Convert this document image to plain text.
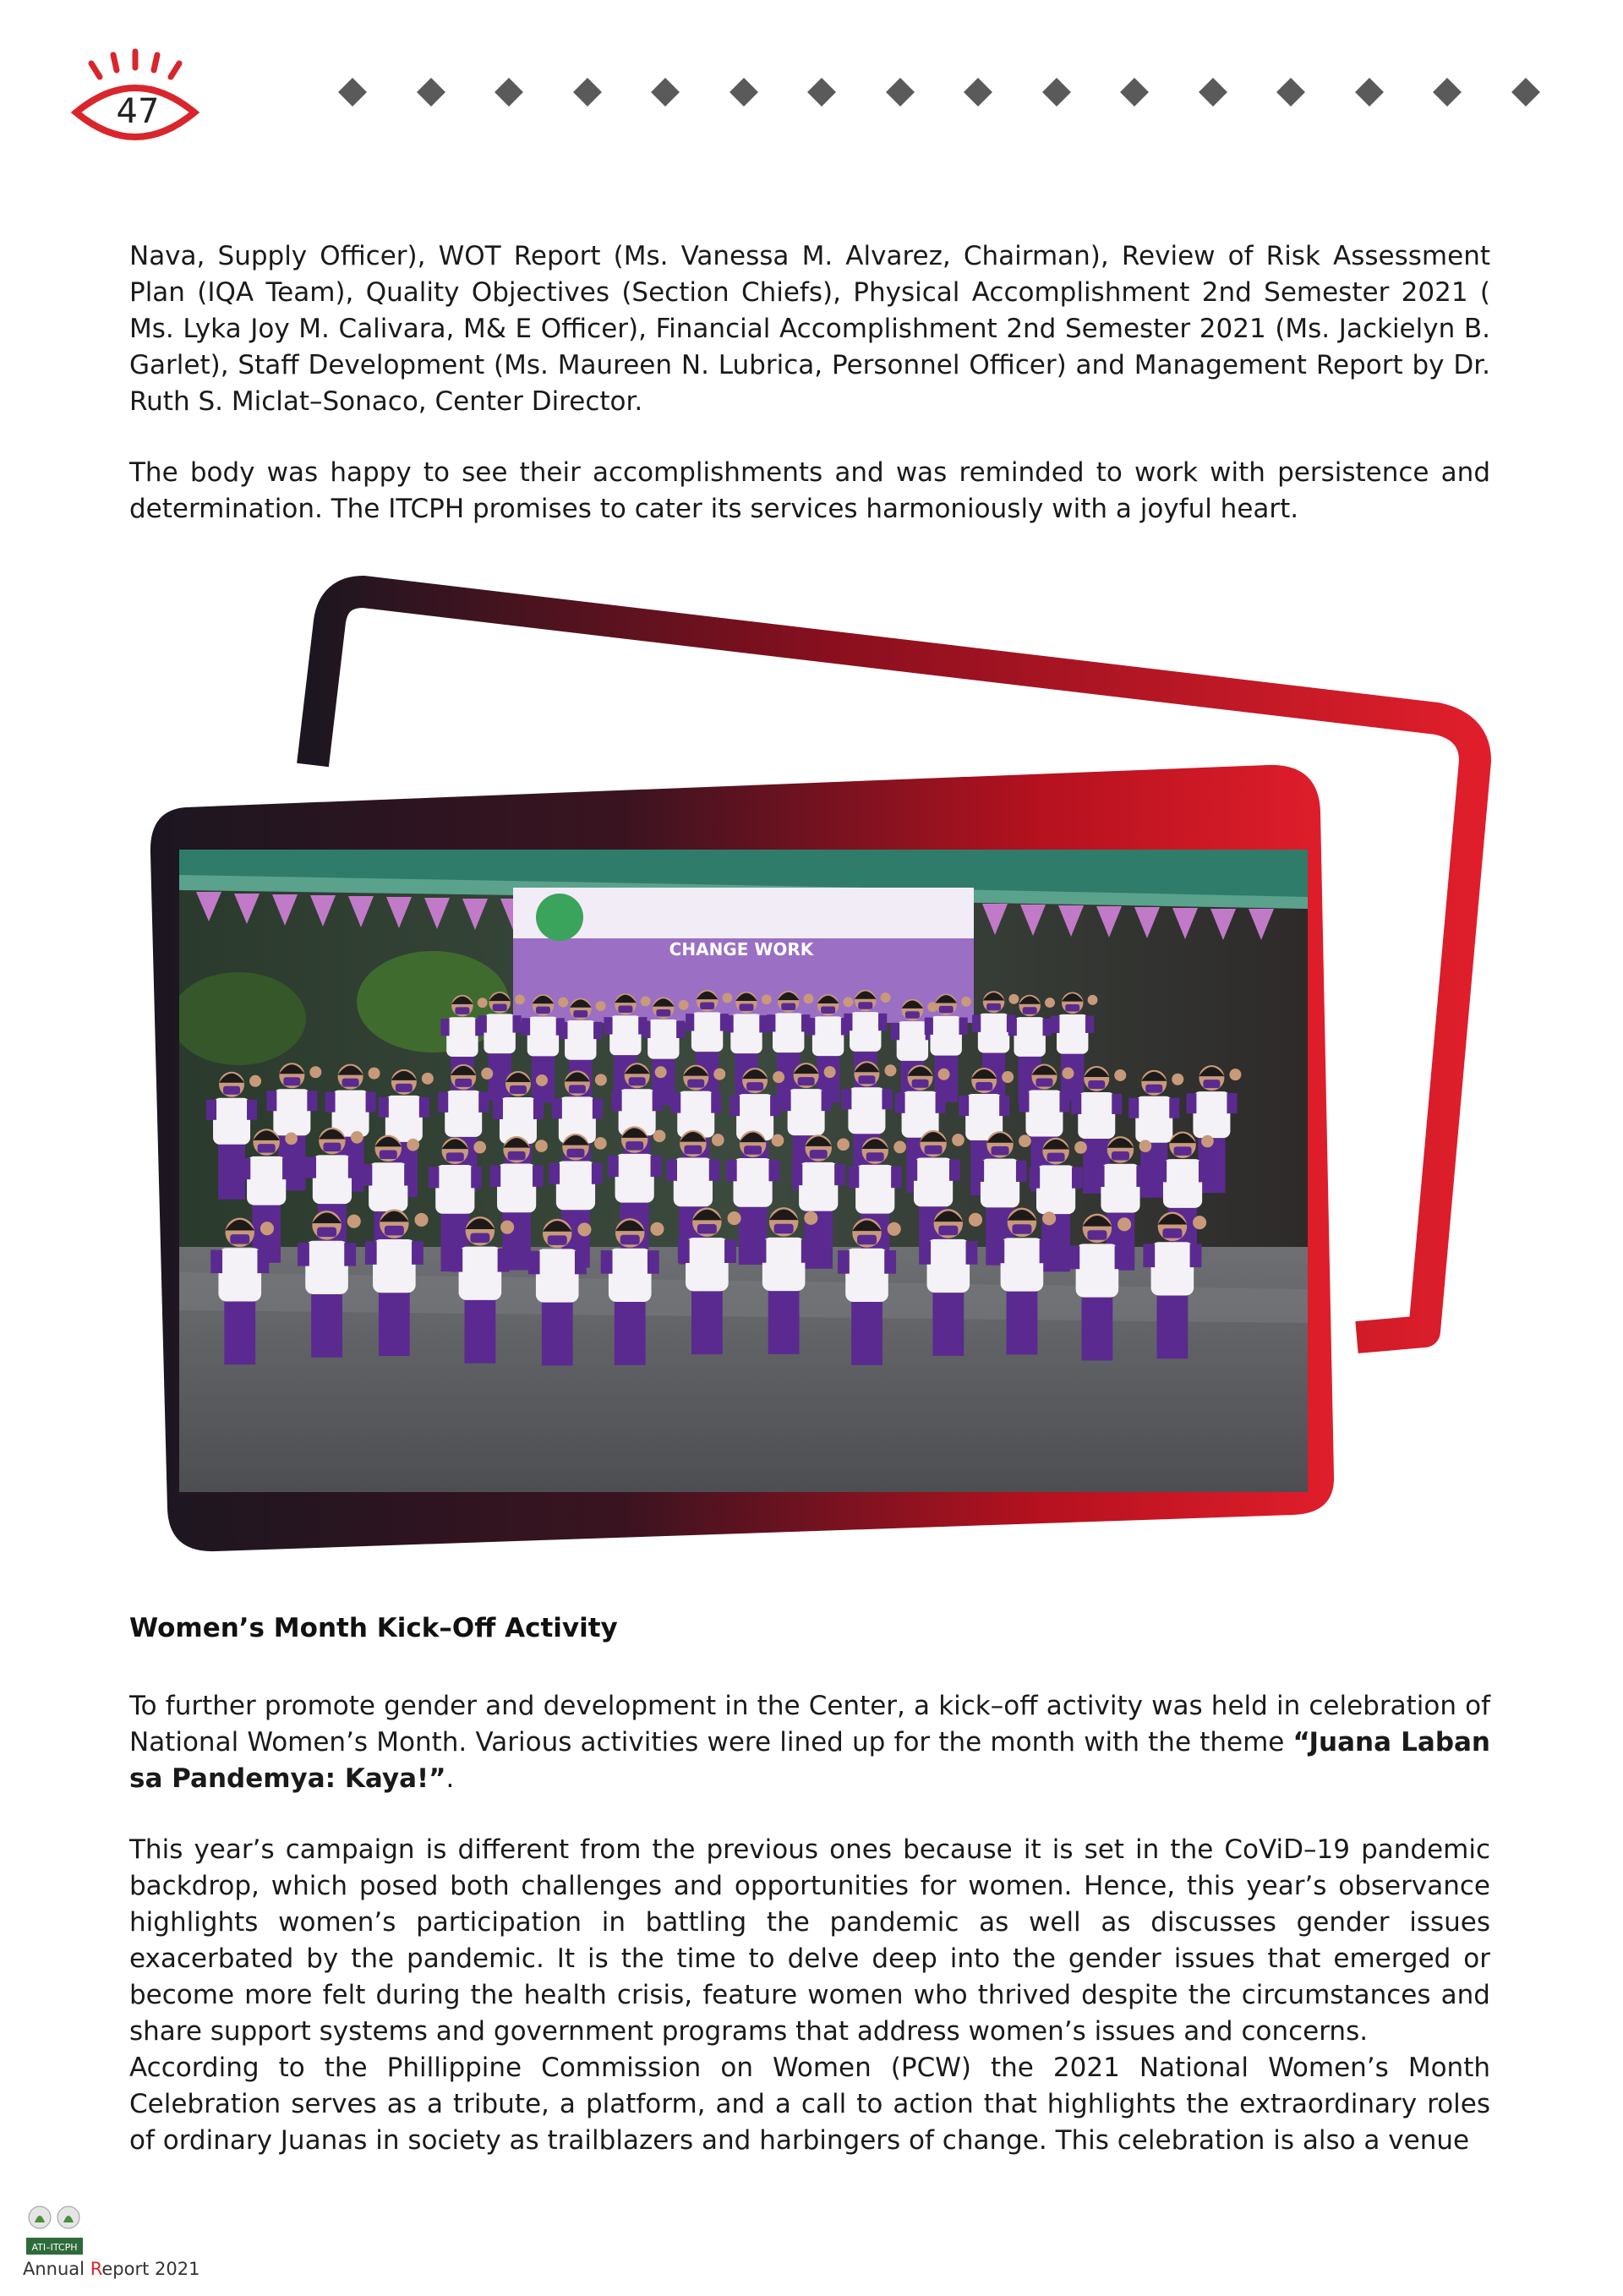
47
Nava, Supply Officer), WOT Report (Ms. Vanessa M. Alvarez, Chairman), Review of Risk Assessment Plan (IQA Team), Quality Objectives (Section Chiefs), Physical Accomplishment 2nd Semester 2021 ( Ms. Lyka Joy M. Calivara, M& E Officer), Financial Accomplishment 2nd Semester 2021 (Ms. Jackielyn B. Garlet), Staff Development (Ms. Maureen N. Lubrica, Personnel Officer) and Management Report by Dr. Ruth S. Miclat–Sonaco, Center Director.
The body was happy to see their accomplishments and was reminded to work with persistence and determination. The ITCPH promises to cater its services harmoniously with a joyful heart.
CHANGE WORK
Women’s Month Kick–Off Activity
To further promote gender and development in the Center, a kick–off activity was held in celebration of National Women’s Month. Various activities were lined up for the month with the theme “Juana Laban sa Pandemya: Kaya!”.
This year’s campaign is different from the previous ones because it is set in the CoViD–19 pandemic backdrop, which posed both challenges and opportunities for women. Hence, this year’s observance highlights women’s participation in battling the pandemic as well as discusses gender issues exacerbated by the pandemic. It is the time to delve deep into the gender issues that emerged or become more felt during the health crisis, feature women who thrived despite the circumstances and share support systems and government programs that address women’s issues and concerns.
According to the Phillippine Commission on Women (PCW) the 2021 National Women’s Month Celebration serves as a tribute, a platform, and a call to action that highlights the extraordinary roles of ordinary Juanas in society as trailblazers and harbingers of change. This celebration is also a venue
ATI–ITCPH
Annual Report 2021
